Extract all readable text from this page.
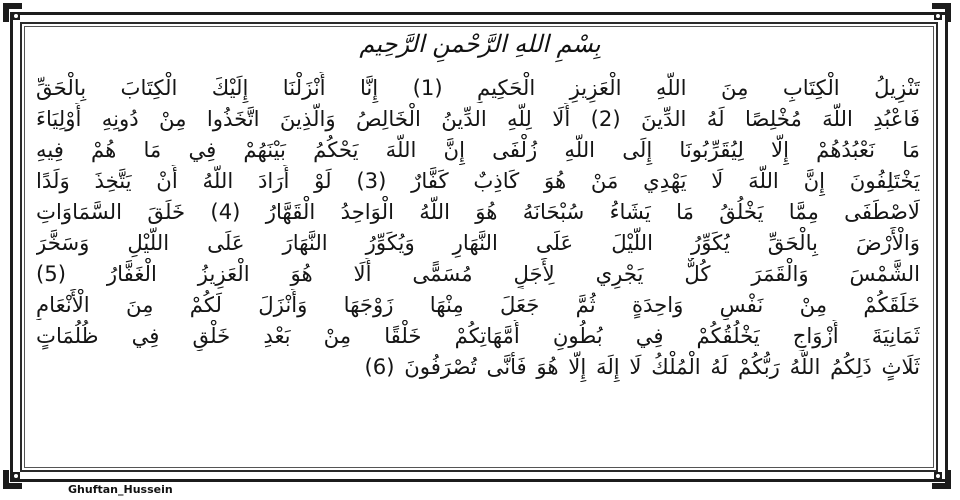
بِسْمِ اللهِ الرَّحْمنِ الرَّحِيم
تَنْزِيلُ الْكِتَابِ مِنَ اللَّهِ الْعَزِيزِ الْحَكِيمِ (1) إِنَّا أَنْزَلْنَا إِلَيْكَ الْكِتَابَ بِالْحَقِّ
فَاعْبُدِ اللَّهَ مُخْلِصًا لَهُ الدِّينَ (2) أَلَا لِلَّهِ الدِّينُ الْخَالِصُ وَالَّذِينَ اتَّخَذُوا مِنْ دُونِهِ أَوْلِيَاءَ
مَا نَعْبُدُهُمْ إِلَّا لِيُقَرِّبُونَا إِلَى اللَّهِ زُلْفَى إِنَّ اللَّهَ يَحْكُمُ بَيْنَهُمْ فِي مَا هُمْ فِيهِ
يَخْتَلِفُونَ إِنَّ اللَّهَ لَا يَهْدِي مَنْ هُوَ كَاذِبٌ كَفَّارٌ (3) لَوْ أَرَادَ اللَّهُ أَنْ يَتَّخِذَ وَلَدًا
لَاصْطَفَى مِمَّا يَخْلُقُ مَا يَشَاءُ سُبْحَانَهُ هُوَ اللَّهُ الْوَاحِدُ الْقَهَّارُ (4) خَلَقَ السَّمَاوَاتِ
وَالْأَرْضَ بِالْحَقِّ يُكَوِّرُ اللَّيْلَ عَلَى النَّهَارِ وَيُكَوِّرُ النَّهَارَ عَلَى اللَّيْلِ وَسَخَّرَ
الشَّمْسَ وَالْقَمَرَ كُلٌّ يَجْرِي لِأَجَلٍ مُسَمًّى أَلَا هُوَ الْعَزِيزُ الْغَفَّارُ (5)
خَلَقَكُمْ مِنْ نَفْسٍ وَاحِدَةٍ ثُمَّ جَعَلَ مِنْهَا زَوْجَهَا وَأَنْزَلَ لَكُمْ مِنَ الْأَنْعَامِ
ثَمَانِيَةَ أَزْوَاجٍ يَخْلُقُكُمْ فِي بُطُونِ أُمَّهَاتِكُمْ خَلْقًا مِنْ بَعْدِ خَلْقٍ فِي ظُلُمَاتٍ
ثَلَاثٍ ذَلِكُمُ اللَّهُ رَبُّكُمْ لَهُ الْمُلْكُ لَا إِلَهَ إِلَّا هُوَ فَأَنَّى تُصْرَفُونَ (6)
Ghuftan_Hussein
